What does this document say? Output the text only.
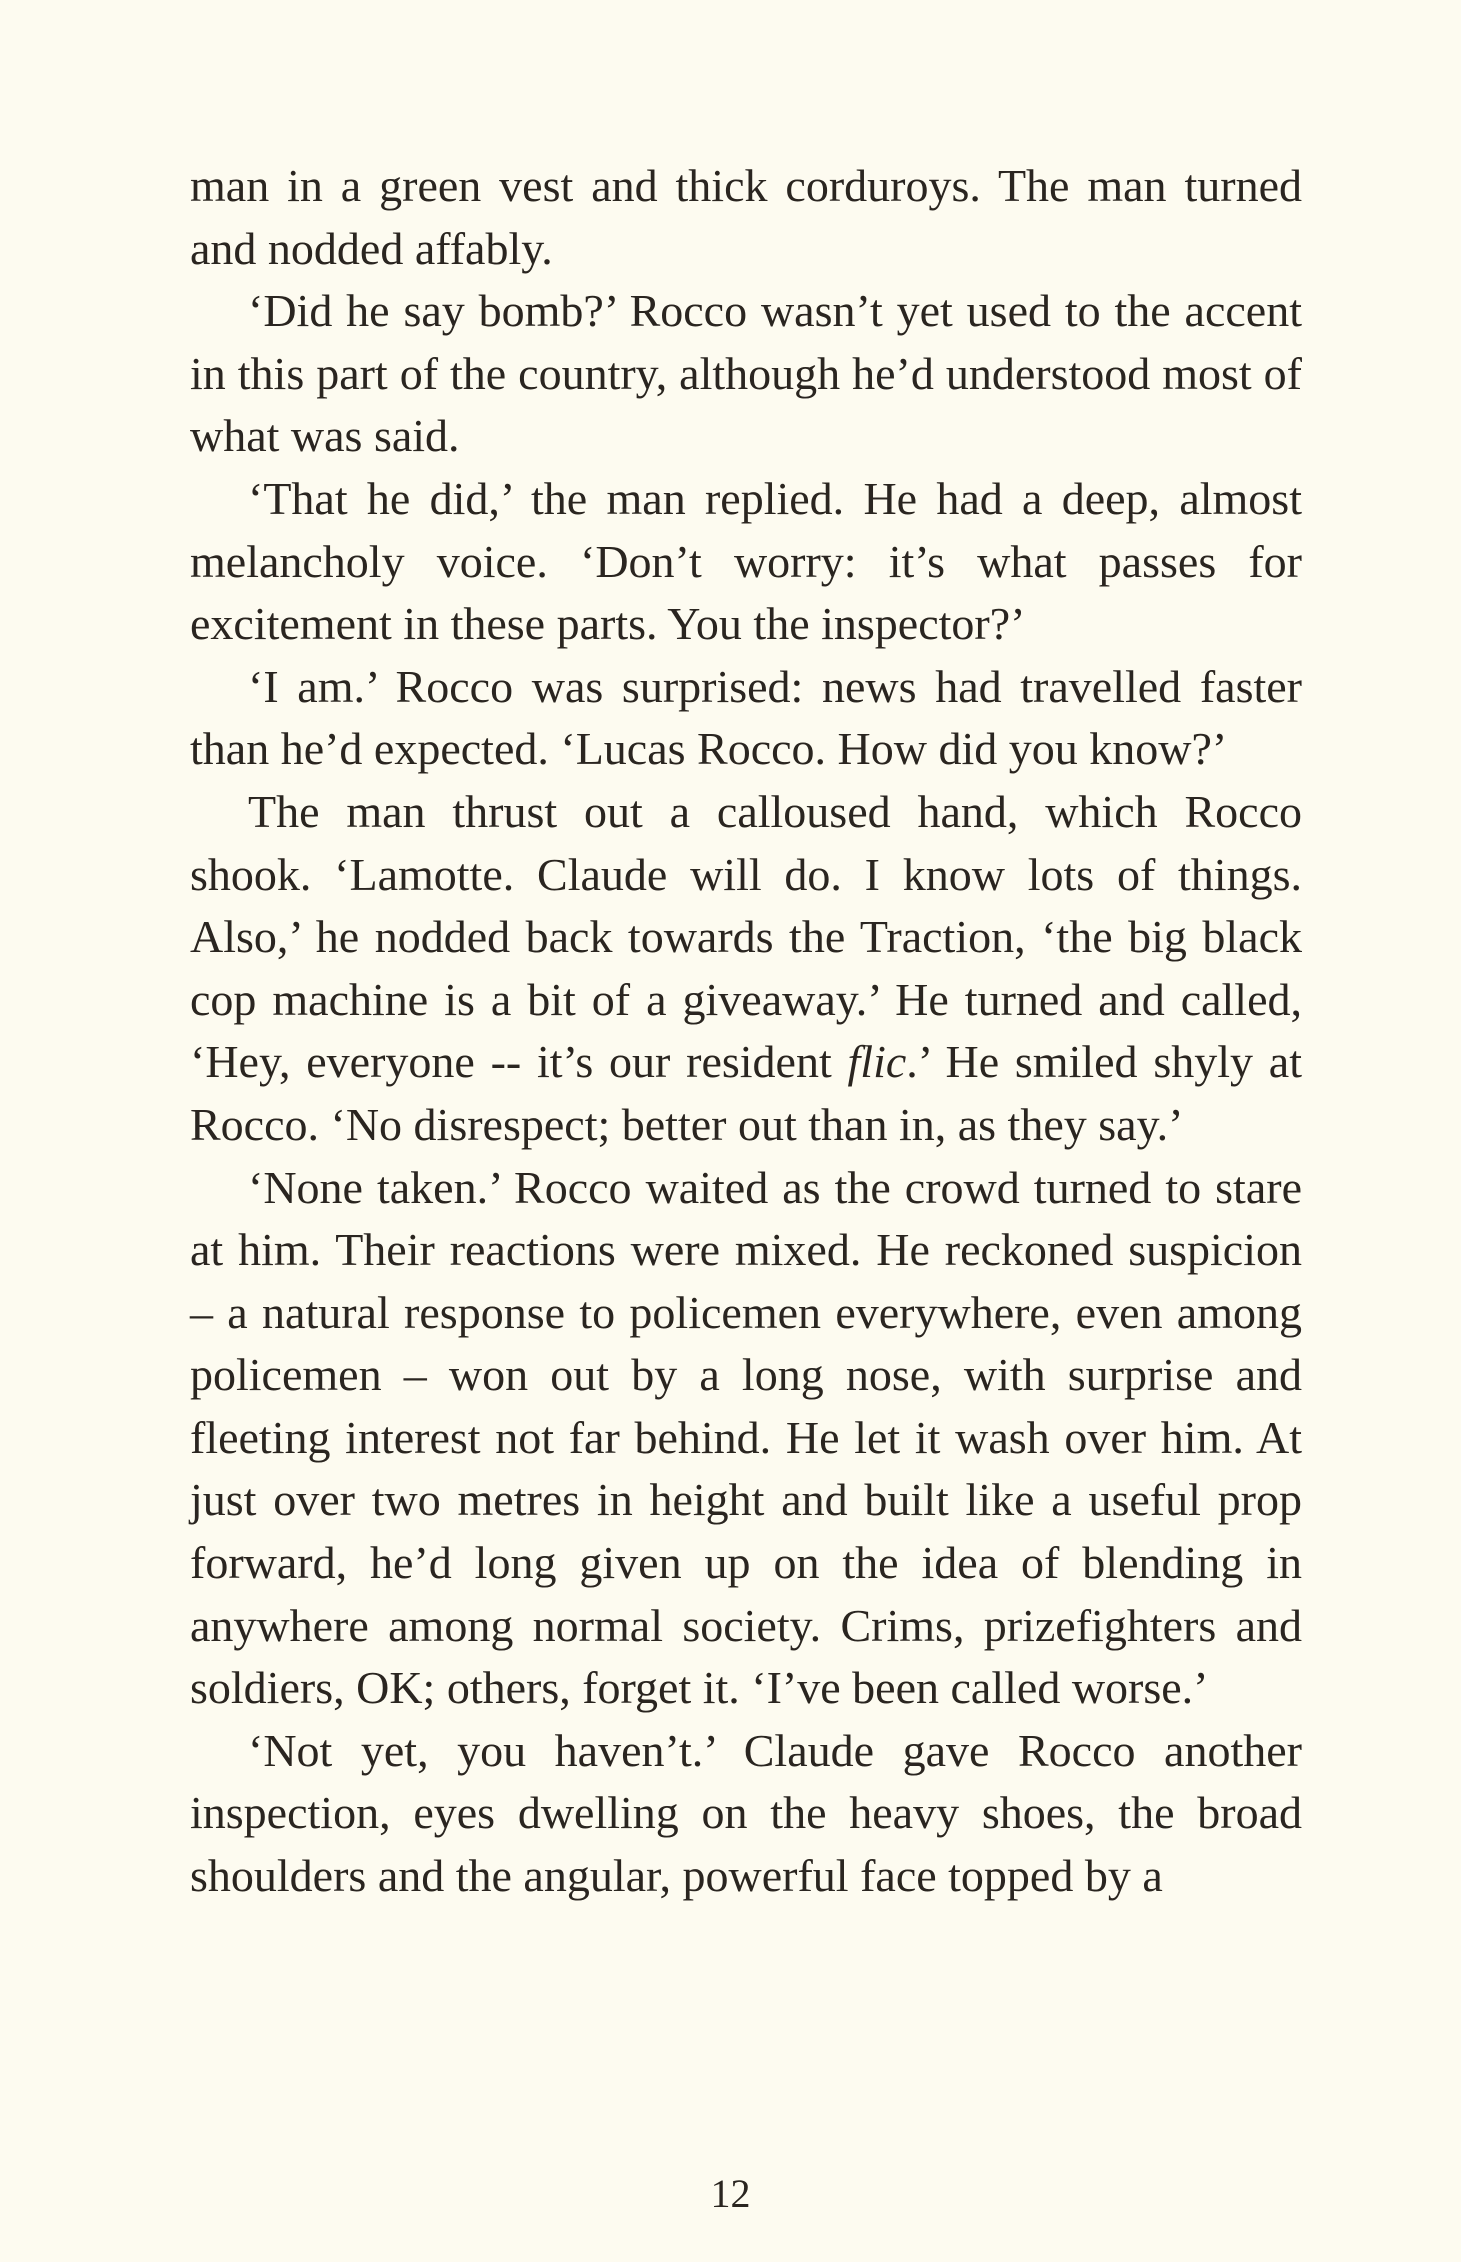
man in a green vest and thick corduroys. The man turned and nodded affably.

‘Did he say bomb?’ Rocco wasn’t yet used to the accent in this part of the country, although he’d understood most of what was said.

‘That he did,’ the man replied. He had a deep, almost melancholy voice. ‘Don’t worry: it’s what passes for excitement in these parts. You the inspector?’

‘I am.’ Rocco was surprised: news had travelled faster than he’d expected. ‘Lucas Rocco. How did you know?’

The man thrust out a calloused hand, which Rocco shook. ‘Lamotte. Claude will do. I know lots of things. Also,’ he nodded back towards the Traction, ‘the big black cop machine is a bit of a giveaway.’ He turned and called, ‘Hey, everyone -- it’s our resident flic.’ He smiled shyly at Rocco. ‘No disrespect; better out than in, as they say.’

‘None taken.’ Rocco waited as the crowd turned to stare at him. Their reactions were mixed. He reckoned suspicion – a natural response to policemen everywhere, even among policemen – won out by a long nose, with surprise and fleeting interest not far behind. He let it wash over him. At just over two metres in height and built like a useful prop forward, he’d long given up on the idea of blending in anywhere among normal society. Crims, prizefighters and soldiers, OK; others, forget it. ‘I’ve been called worse.’

‘Not yet, you haven’t.’ Claude gave Rocco another inspection, eyes dwelling on the heavy shoes, the broad shoulders and the angular, powerful face topped by a

12
